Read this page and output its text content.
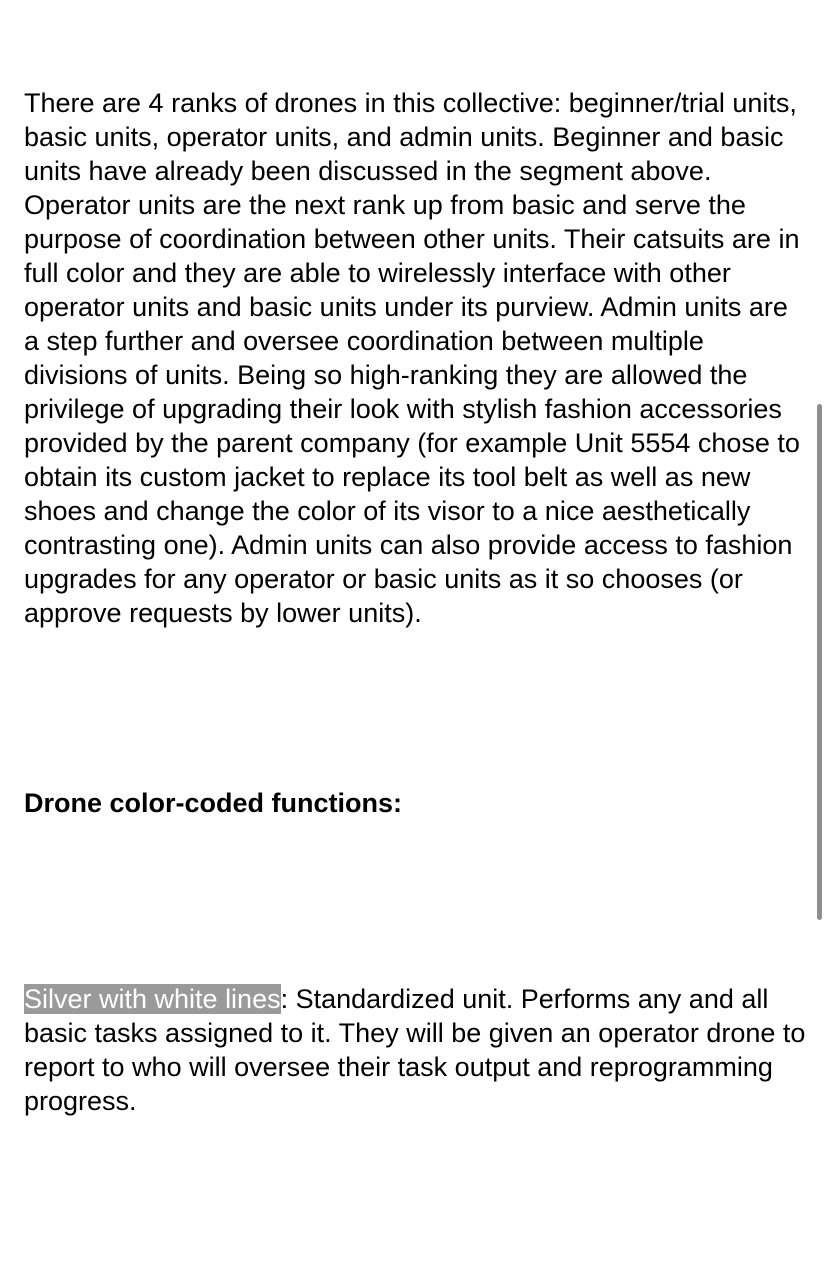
There are 4 ranks of drones in this collective: beginner/trial units, basic units, operator units, and admin units. Beginner and basic units have already been discussed in the segment above. Operator units are the next rank up from basic and serve the purpose of coordination between other units. Their catsuits are in full color and they are able to wirelessly interface with other operator units and basic units under its purview. Admin units are a step further and oversee coordination between multiple divisions of units. Being so high-ranking they are allowed the privilege of upgrading their look with stylish fashion accessories provided by the parent company (for example Unit 5554 chose to obtain its custom jacket to replace its tool belt as well as new shoes and change the color of its visor to a nice aesthetically contrasting one). Admin units can also provide access to fashion upgrades for any operator or basic units as it so chooses (or approve requests by lower units).

Drone color-coded functions:

Silver with white lines: Standardized unit. Performs any and all basic tasks assigned to it. They will be given an operator drone to report to who will oversee their task output and reprogramming progress.
